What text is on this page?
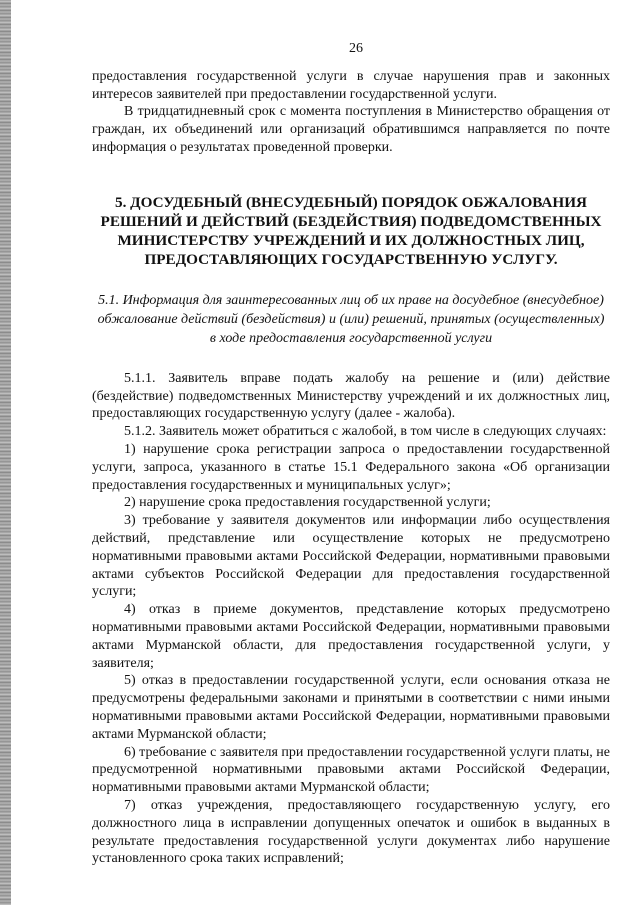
26

предоставления государственной услуги в случае нарушения прав и законных интересов заявителей при предоставлении государственной услуги.

В тридцатидневный срок с момента поступления в Министерство обращения от граждан, их объединений или организаций обратившимся направляется по почте информация о результатах проведенной проверки.

5. ДОСУДЕБНЫЙ (ВНЕСУДЕБНЫЙ) ПОРЯДОК ОБЖАЛОВАНИЯ РЕШЕНИЙ И ДЕЙСТВИЙ (БЕЗДЕЙСТВИЯ) ПОДВЕДОМСТВЕННЫХ МИНИСТЕРСТВУ УЧРЕЖДЕНИЙ И ИХ ДОЛЖНОСТНЫХ ЛИЦ, ПРЕДОСТАВЛЯЮЩИХ ГОСУДАРСТВЕННУЮ УСЛУГУ.
5.1. Информация для заинтересованных лиц об их праве на досудебное (внесудебное) обжалование действий (бездействия) и (или) решений, принятых (осуществленных) в ходе предоставления государственной услуги

5.1.1. Заявитель вправе подать жалобу на решение и (или) действие (бездействие) подведомственных Министерству учреждений и их должностных лиц, предоставляющих государственную услугу (далее - жалоба).

5.1.2. Заявитель может обратиться с жалобой, в том числе в следующих случаях:

1) нарушение срока регистрации запроса о предоставлении государственной услуги, запроса, указанного в статье 15.1 Федерального закона «Об организации предоставления государственных и муниципальных услуг»;

2) нарушение срока предоставления государственной услуги;

3) требование у заявителя документов или информации либо осуществления действий, представление или осуществление которых не предусмотрено нормативными правовыми актами Российской Федерации, нормативными правовыми актами субъектов Российской Федерации для предоставления государственной услуги;

4) отказ в приеме документов, представление которых предусмотрено нормативными правовыми актами Российской Федерации, нормативными правовыми актами Мурманской области, для предоставления государственной услуги, у заявителя;

5) отказ в предоставлении государственной услуги, если основания отказа не предусмотрены федеральными законами и принятыми в соответствии с ними иными нормативными правовыми актами Российской Федерации, нормативными правовыми актами Мурманской области;

6) требование с заявителя при предоставлении государственной услуги платы, не предусмотренной нормативными правовыми актами Российской Федерации, нормативными правовыми актами Мурманской области;

7) отказ учреждения, предоставляющего государственную услугу, его должностного лица в исправлении допущенных опечаток и ошибок в выданных в результате предоставления государственной услуги документах либо нарушение установленного срока таких исправлений;
